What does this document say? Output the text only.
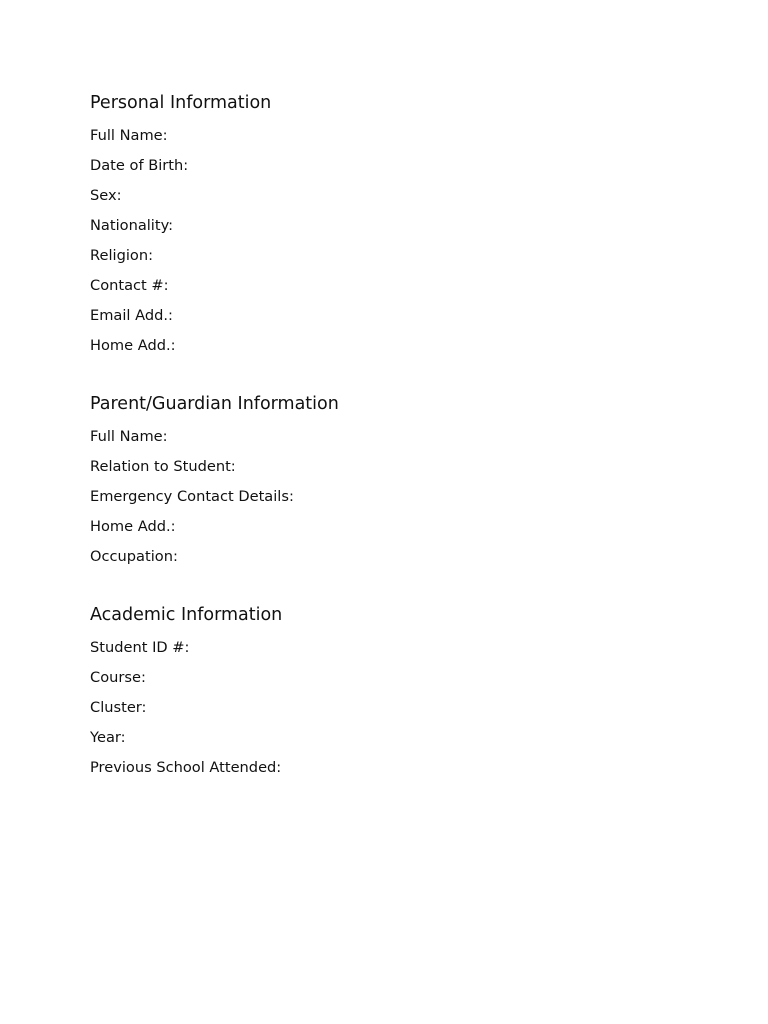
Personal Information
Full Name:
Date of Birth:
Sex:
Nationality:
Religion:
Contact #:
Email Add.:
Home Add.:
Parent/Guardian Information
Full Name:
Relation to Student:
Emergency Contact Details:
Home Add.:
Occupation:
Academic Information
Student ID #:
Course:
Cluster:
Year:
Previous School Attended:
